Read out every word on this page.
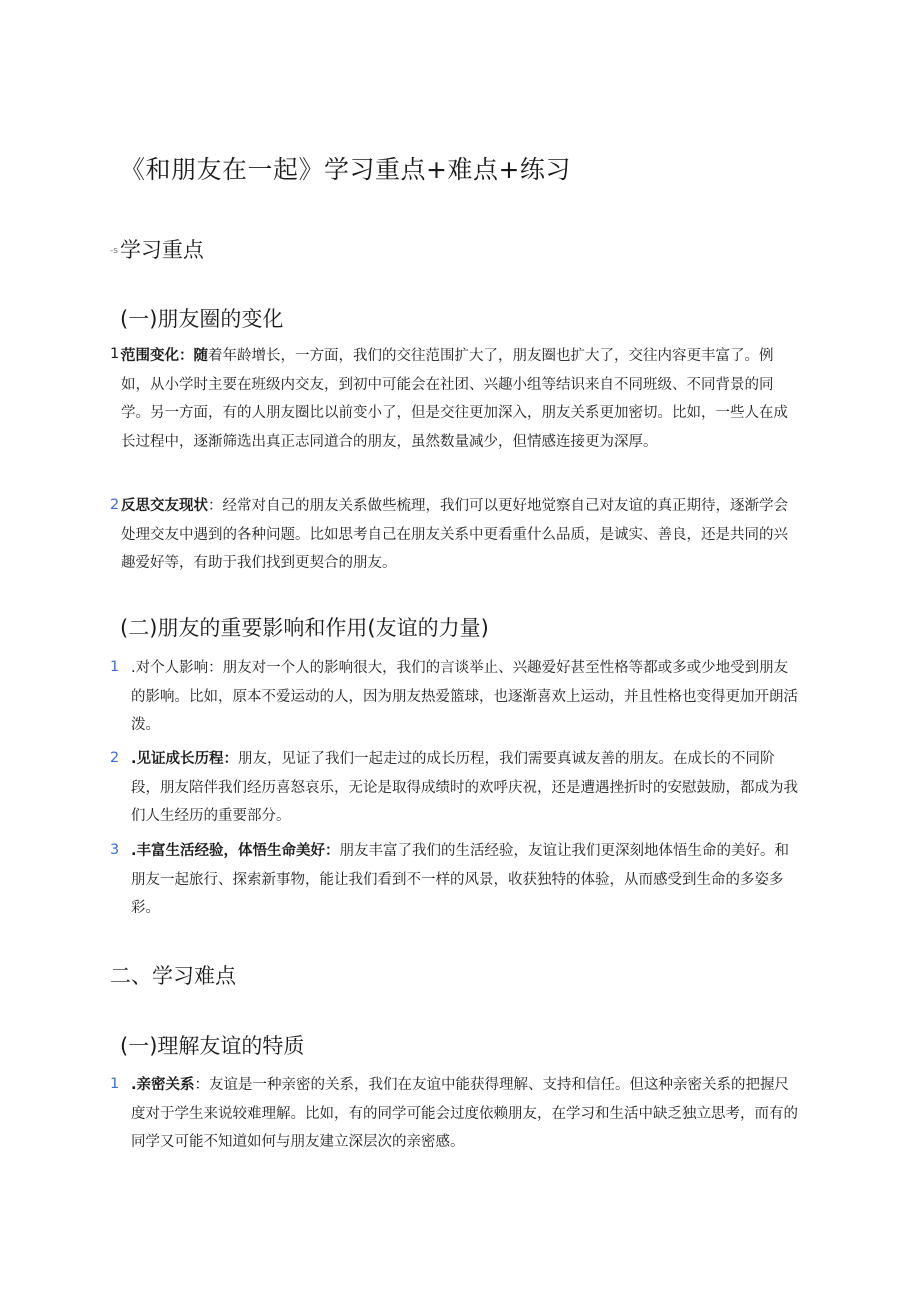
《和朋友在一起》学习重点+难点+练习
-s学习重点
(一)朋友圈的变化
1·
范围变化：随着年龄增长，一方面，我们的交往范围扩大了，朋友圈也扩大了，交往内容更丰富了。例如，从小学时主要在班级内交友，到初中可能会在社团、兴趣小组等结识来自不同班级、不同背景的同学。另一方面，有的人朋友圈比以前变小了，但是交往更加深入，朋友关系更加密切。比如，一些人在成长过程中，逐渐筛选出真正志同道合的朋友，虽然数量减少，但情感连接更为深厚。
2 反思交友现状：经常对自己的朋友关系做些梳理，我们可以更好地觉察自己对友谊的真正期待，逐渐学会处理交友中遇到的各种问题。比如思考自己在朋友关系中更看重什么品质，是诚实、善良，还是共同的兴趣爱好等，有助于我们找到更契合的朋友。
(二)朋友的重要影响和作用(友谊的力量)
1 .对个人影响：朋友对一个人的影响很大，我们的言谈举止、兴趣爱好甚至性格等都或多或少地受到朋友的影响。比如，原本不爱运动的人，因为朋友热爱篮球，也逐渐喜欢上运动，并且性格也变得更加开朗活泼。
2 .见证成长历程：朋友，见证了我们一起走过的成长历程，我们需要真诚友善的朋友。在成长的不同阶段，朋友陪伴我们经历喜怒哀乐，无论是取得成绩时的欢呼庆祝，还是遭遇挫折时的安慰鼓励，都成为我们人生经历的重要部分。
3 .丰富生活经验，体悟生命美好：朋友丰富了我们的生活经验，友谊让我们更深刻地体悟生命的美好。和朋友一起旅行、探索新事物，能让我们看到不一样的风景，收获独特的体验，从而感受到生命的多姿多彩。
二、学习难点
(一)理解友谊的特质
1 .亲密关系：友谊是一种亲密的关系，我们在友谊中能获得理解、支持和信任。但这种亲密关系的把握尺度对于学生来说较难理解。比如，有的同学可能会过度依赖朋友，在学习和生活中缺乏独立思考，而有的同学又可能不知道如何与朋友建立深层次的亲密感。
